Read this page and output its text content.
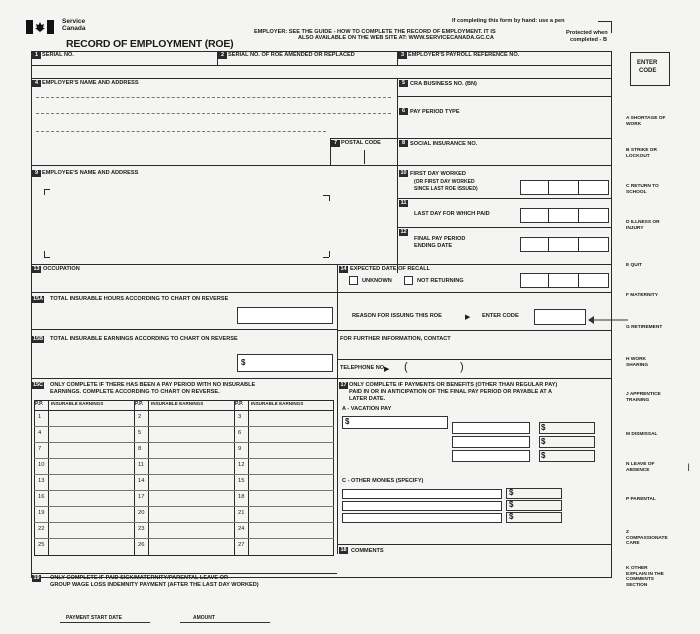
Service
Canada
RECORD OF EMPLOYMENT (ROE)
If completing this form by hand: use a pen
EMPLOYER: SEE THE GUIDE - HOW TO COMPLETE THE RECORD OF EMPLOYMENT. IT IS
ALSO AVAILABLE ON THE WEB SITE AT: WWW.SERVICECANADA.GC.CA
Protected when
completed - B
1 SERIAL NO.	2 SERIAL NO. OF ROE AMENDED OR REPLACED	3 EMPLOYER'S PAYROLL REFERENCE NO.
4 EMPLOYER'S NAME AND ADDRESS	5 CRA BUSINESS NO. (BN)
6 PAY PERIOD TYPE
7 POSTAL CODE	8 SOCIAL INSURANCE NO.
9 EMPLOYEE'S NAME AND ADDRESS	10 FIRST DAY WORKED
(OR FIRST DAY WORKED
SINCE LAST ROE ISSUED)
11
LAST DAY FOR WHICH PAID
12
FINAL PAY PERIOD
ENDING DATE
13 OCCUPATION	14 EXPECTED DATE OF RECALL
UNKNOWN	NOT RETURNING
15A TOTAL INSURABLE HOURS ACCORDING TO CHART ON REVERSE
15B TOTAL INSURABLE EARNINGS ACCORDING TO CHART ON REVERSE
$
REASON FOR ISSUING THIS ROE	▶ ENTER CODE
FOR FURTHER INFORMATION, CONTACT
TELEPHONE NO.
▶ (	)
15C ONLY COMPLETE IF THERE HAS BEEN A PAY PERIOD WITH NO INSURABLE
EARNINGS. COMPLETE ACCORDING TO CHART ON REVERSE.
P.P. INSURABLE EARNINGS	P.P. INSURABLE EARNINGS	P.P. INSURABLE EARNINGS
1	2	3
4	5	6
7	8	9
10	11	12
13	14	15
16	17	18
19	20	21
22	23	24
25	26	27
17 ONLY COMPLETE IF PAYMENTS OR BENEFITS (OTHER THAN REGULAR PAY)
PAID IN OR IN ANTICIPATION OF THE FINAL PAY PERIOD OR PAYABLE AT A
LATER DATE.
A - VACATION PAY
$
$
$
$
C - OTHER MONIES (SPECIFY)
$
$
$
18 COMMENTS
19 ONLY COMPLETE IF PAID SICK/MATERNITY/PARENTAL LEAVE OR
GROUP WAGE LOSS INDEMNITY PAYMENT (AFTER THE LAST DAY WORKED)
PAYMENT START DATE	AMOUNT
ENTER
CODE
A SHORTAGE OF WORK
B STRIKE OR LOCKOUT
C RETURN TO SCHOOL
D ILLNESS OR INJURY
E QUIT
F MATERNITY
G RETIREMENT
H WORK SHARING
J APPRENTICE TRAINING
M DISMISSAL
N LEAVE OF ABSENCE
P PARENTAL
Z COMPASSIONATE CARE
K OTHER EXPLAIN IN THE COMMENTS SECTION
I
